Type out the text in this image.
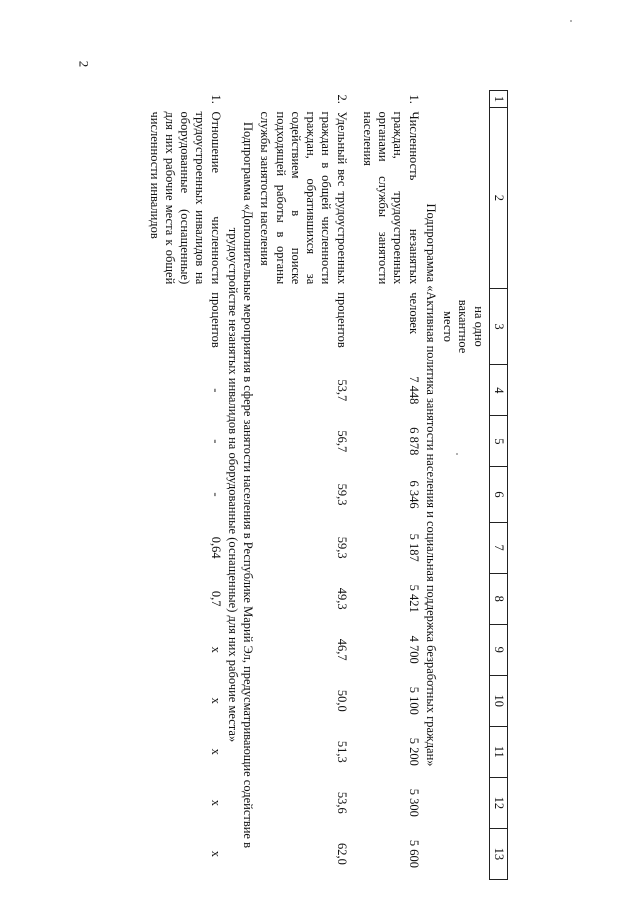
2
1	2	3	4	5	6	7	8	9	10	11	12	13
		на одно вакантное место										
Подпрограмма «Активная политика занятости населения и социальная поддержка безработных граждан»												
1.	Численность незанятых граждан, трудоустроенных органами службы занятости населения	человек	7 448	6 878	6 346	5 187	5 421	4 700	5 100	5 200	5 300	5 600
2.	Удельный вес трудоустроенных граждан в общей численности граждан, обратившихся за содействием в поиске подходящей работы в органы службы занятости населения	процентов	53,7	56,7	59,3	59,3	49,3	46,7	50,0	51,3	53,6	62,0
Подпрограмма «Дополнительные мероприятия в сфере занятости населения в Республике Марий Эл, предусматривающие содействие в трудоустройстве незанятых инвалидов на оборудованные (оснащенные) для них рабочие места»												
1.	Отношение численности трудоустроенных инвалидов на оборудованные (оснащенные) для них рабочие места к общей численности инвалидов	процентов	-	-	-	0,64	0,7	x	x	x	x	x
